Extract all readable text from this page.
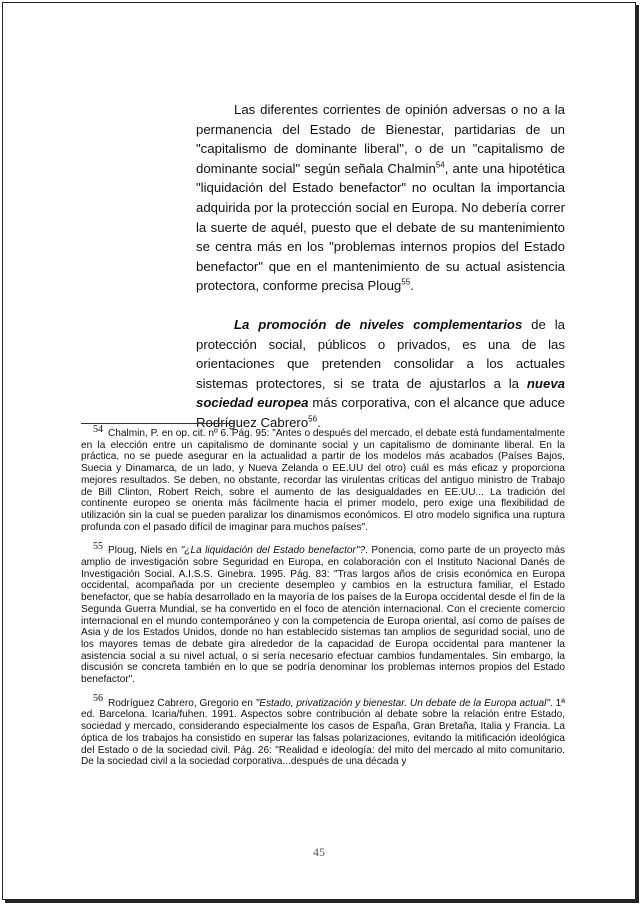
Las diferentes corrientes de opinión adversas o no a la permanencia del Estado de Bienestar, partidarias de un "capitalismo de dominante liberal", o de un "capitalismo de dominante social" según señala Chalmin$^{54}$, ante una hipotética "liquidación del Estado benefactor" no ocultan la importancia adquirida por la protección social en Europa. No debería correr la suerte de aquél, puesto que el debate de su mantenimiento se centra más en los "problemas internos propios del Estado benefactor" que en el mantenimiento de su actual asistencia protectora, conforme precisa Ploug$^{55}$.

La promoción de niveles complementarios de la protección social, públicos o privados, es una de las orientaciones que pretenden consolidar a los actuales sistemas protectores, si se trata de ajustarlos a la nueva sociedad europea más corporativa, con el alcance que aduce Rodríguez Cabrero$^{56}$.

54 Chalmin, P. en op. cit. nº 6. Pág. 95: "Antes o después del mercado, el debate está fundamentalmente en la elección entre un capitalismo de dominante social y un capitalismo de dominante liberal. En la práctica, no se puede asegurar en la actualidad a partir de los modelos más acabados (Países Bajos, Suecia y Dinamarca, de un lado, y Nueva Zelanda o EE.UU del otro) cuál es más eficaz y proporciona mejores resultados. Se deben, no obstante, recordar las virulentas críticas del antiguo ministro de Trabajo de Bill Clinton, Robert Reich, sobre el aumento de las desigualdades en EE.UU... La tradición del continente europeo se orienta más fácilmente hacia el primer modelo, pero exige una flexibilidad de utilización sin la cual se pueden paralizar los dinamismos económicos. El otro modelo significa una ruptura profunda con el pasado difícil de imaginar para muchos países".

55 Ploug, Niels en "¿La liquidación del Estado benefactor"?. Ponencia, como parte de un proyecto más amplio de investigación sobre Seguridad en Europa, en colaboración con el Instituto Nacional Danés de Investigación Social. A.I.S.S. Ginebra. 1995. Pág. 83: "Tras largos años de crisis económica en Europa occidental, acompañada por un creciente desempleo y cambios en la estructura familiar, el Estado benefactor, que se había desarrollado en la mayoría de los países de la Europa occidental desde el fin de la Segunda Guerra Mundial, se ha convertido en el foco de atención internacional. Con el creciente comercio internacional en el mundo contemporáneo y con la competencia de Europa oriental, así como de países de Asia y de los Estados Unidos, donde no han establecido sistemas tan amplios de seguridad social, uno de los mayores temas de debate gira alrededor de la capacidad de Europa occidental para mantener la asistencia social a su nivel actual, o si sería necesario efectuar cambios fundamentales. Sin embargo, la discusión se concreta también en lo que se podría denominar los problemas internos propios del Estado benefactor".

56 Rodríguez Cabrero, Gregorio en "Estado, privatización y bienestar. Un debate de la Europa actual". 1ª ed. Barcelona. Icaria/fuhen. 1991. Aspectos sobre contribución al debate sobre la relación entre Estado, sociedad y mercado, considerando especialmente los casos de España, Gran Bretaña, Italia y Francia. La óptica de los trabajos ha consistido en superar las falsas polarizaciones, evitando la mitificación ideológica del Estado o de la sociedad civil. Pág. 26: "Realidad e ideología: del mito del mercado al mito comunitario. De la sociedad civil a la sociedad corporativa...después de una década y

45
